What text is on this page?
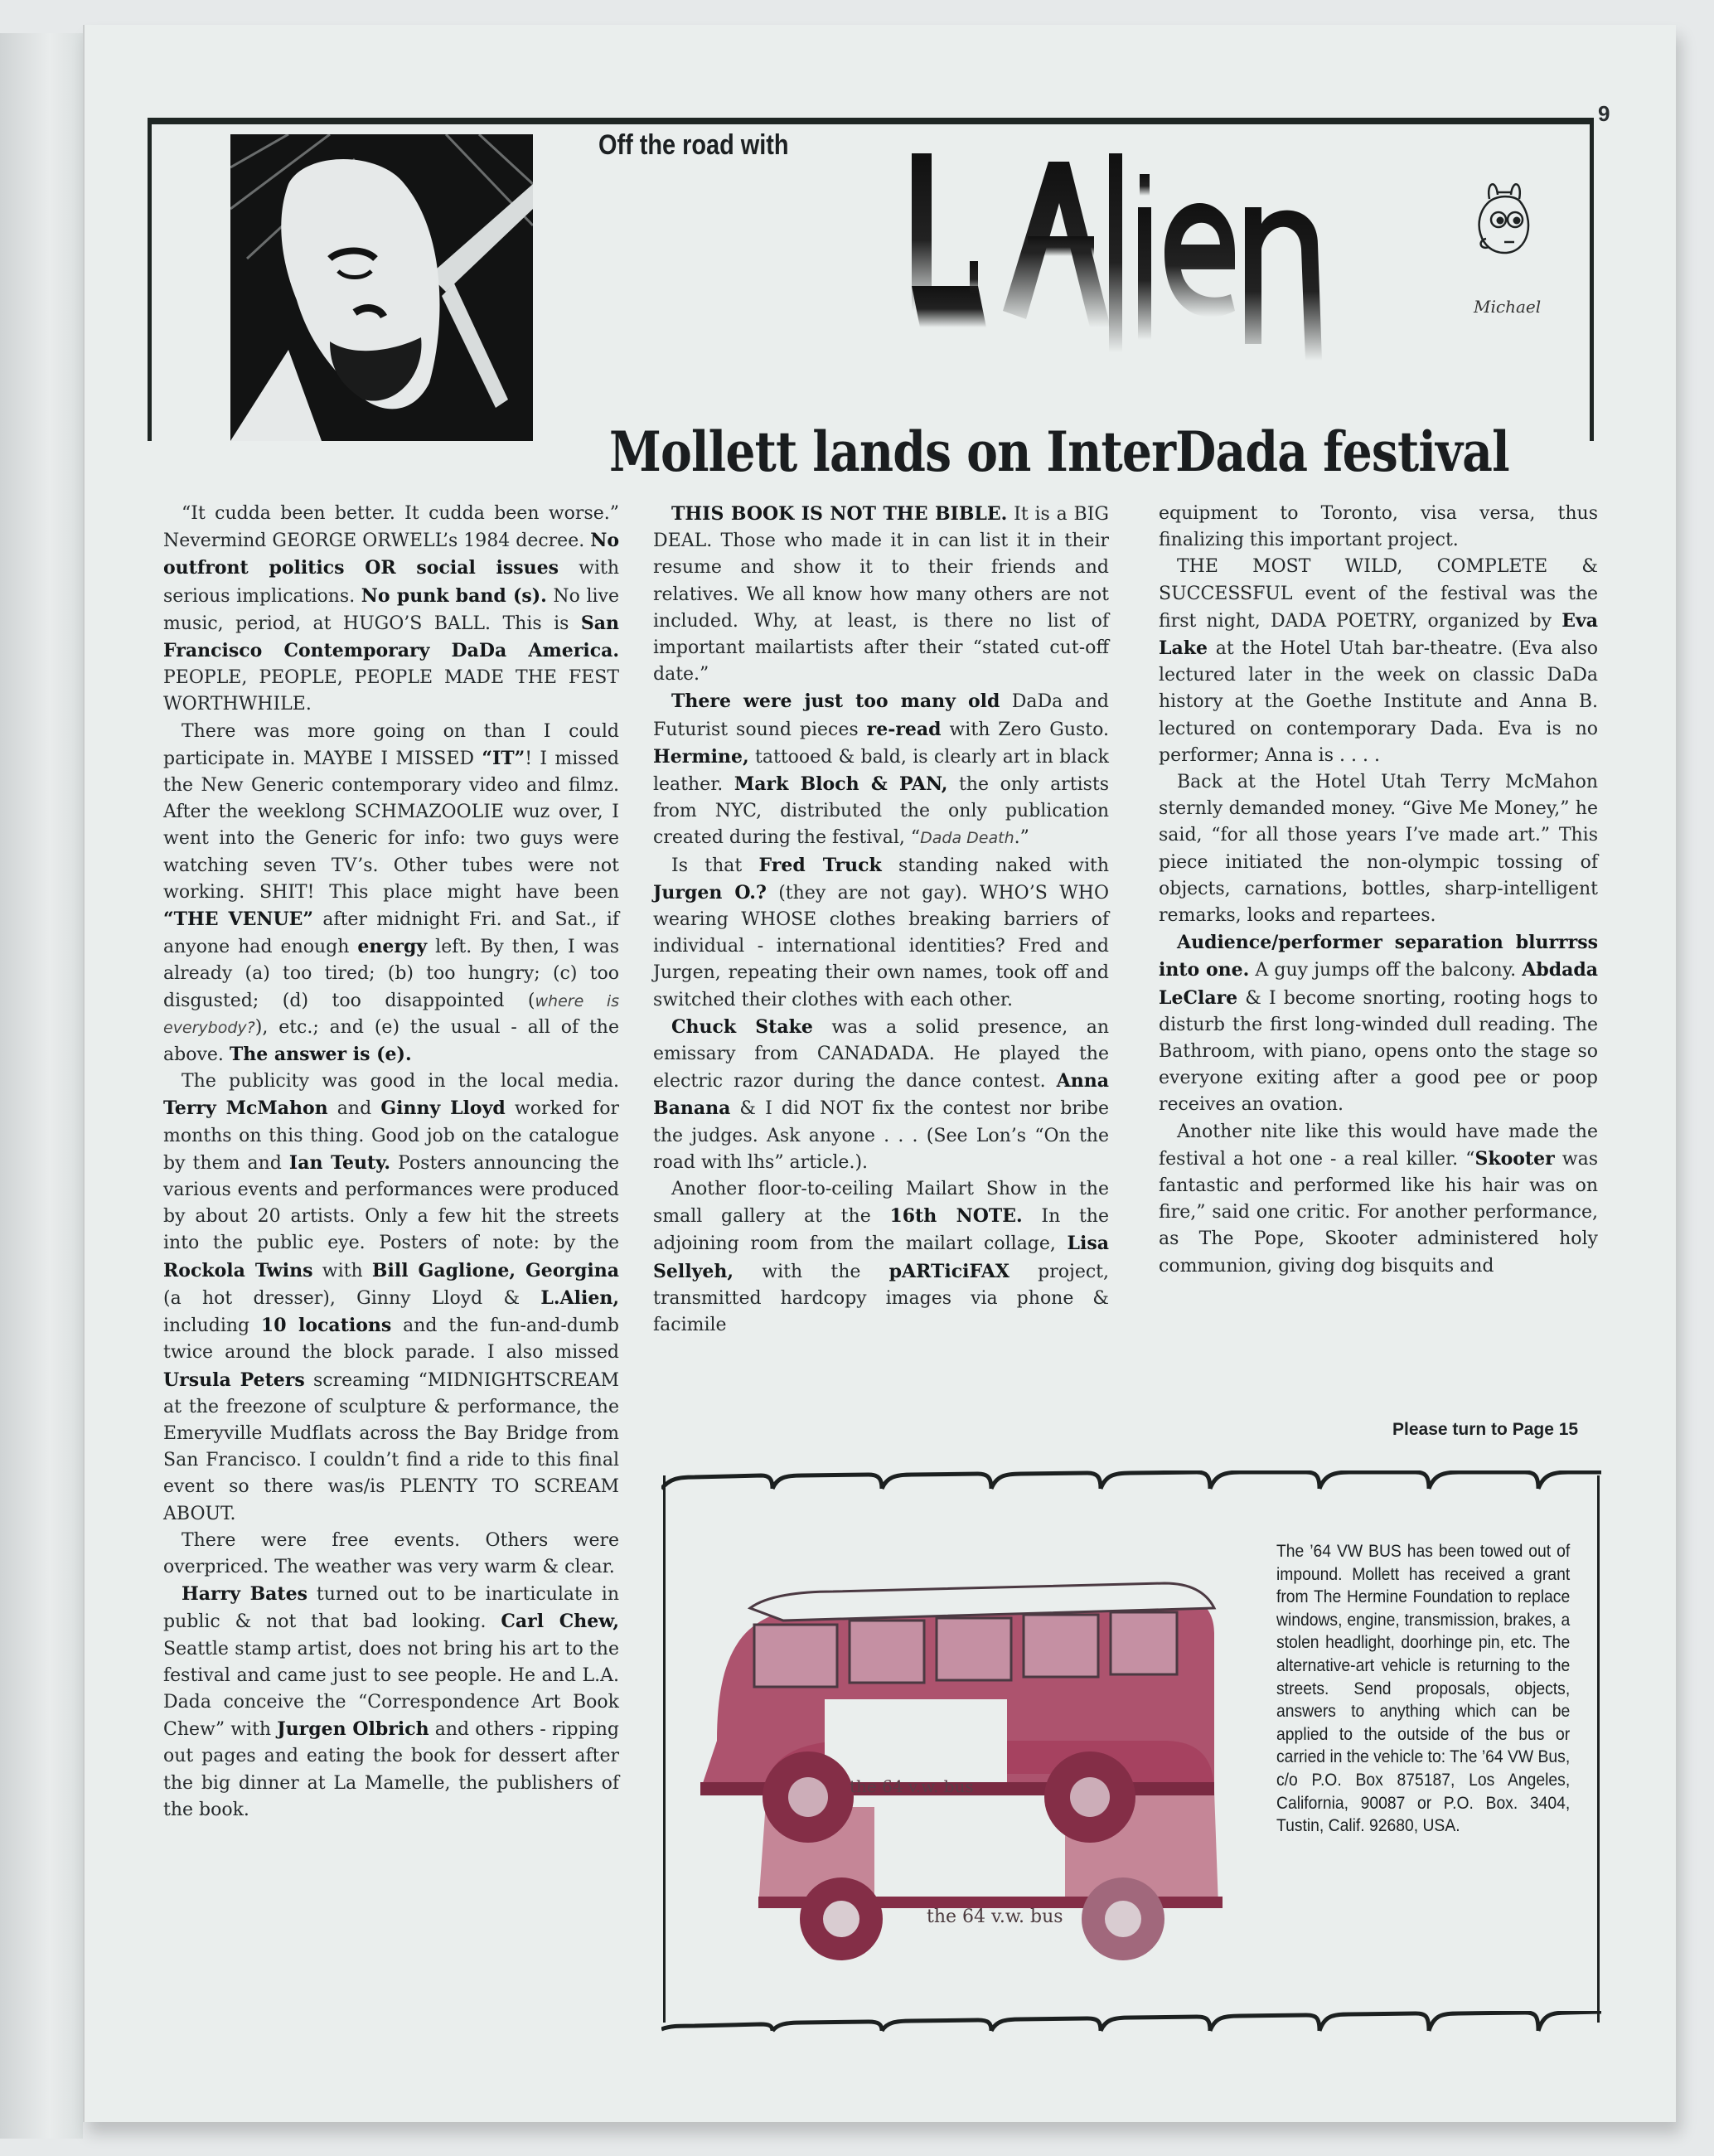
9
Off the road with
Michael
Mollett lands on InterDada festival

“It cudda been better. It cudda been worse.” Nevermind GEORGE ORWELL’s 1984 decree. No outfront politics OR social issues with serious implications. No punk band (s). No live music, period, at HUGO’S BALL. This is San Francisco Contemporary DaDa America. PEOPLE, PEOPLE, PEOPLE MADE THE FEST WORTHWHILE.

There was more going on than I could participate in. MAYBE I MISSED “IT”! I missed the New Generic contemporary video and filmz. After the weeklong SCHMAZOOLIE wuz over, I went into the Generic for info: two guys were watching seven TV’s. Other tubes were not working. SHIT! This place might have been “THE VENUE” after midnight Fri. and Sat., if anyone had enough energy left. By then, I was already (a) too tired; (b) too hungry; (c) too disgusted; (d) too disappointed (where is everybody?), etc.; and (e) the usual - all of the above. The answer is (e).

The publicity was good in the local media. Terry McMahon and Ginny Lloyd worked for months on this thing. Good job on the catalogue by them and Ian Teuty. Posters announcing the various events and performances were produced by about 20 artists. Only a few hit the streets into the public eye. Posters of note: by the Rockola Twins with Bill Gaglione, Georgina (a hot dresser), Ginny Lloyd & L.Alien, including 10 locations and the fun-and-dumb twice around the block parade. I also missed Ursula Peters screaming “MIDNIGHTSCREAM at the freezone of sculpture & performance, the Emeryville Mudflats across the Bay Bridge from San Francisco. I couldn’t find a ride to this final event so there was/is PLENTY TO SCREAM ABOUT.

There were free events. Others were overpriced. The weather was very warm & clear.

Harry Bates turned out to be inarticulate in public & not that bad looking. Carl Chew, Seattle stamp artist, does not bring his art to the festival and came just to see people. He and L.A. Dada conceive the “Correspondence Art Book Chew” with Jurgen Olbrich and others - ripping out pages and eating the book for dessert after the big dinner at La Mamelle, the publishers of the book.

THIS BOOK IS NOT THE BIBLE. It is a BIG DEAL. Those who made it in can list it in their resume and show it to their friends and relatives. We all know how many others are not included. Why, at least, is there no list of important mailartists after their “stated cut-off date.”

There were just too many old DaDa and Futurist sound pieces re-read with Zero Gusto. Hermine, tattooed & bald, is clearly art in black leather. Mark Bloch & PAN, the only artists from NYC, distributed the only publication created during the festival, “Dada Death.”

Is that Fred Truck standing naked with Jurgen O.? (they are not gay). WHO’S WHO wearing WHOSE clothes breaking barriers of individual - international identities? Fred and Jurgen, repeating their own names, took off and switched their clothes with each other.

Chuck Stake was a solid presence, an emissary from CANADADA. He played the electric razor during the dance contest. Anna Banana & I did NOT fix the contest nor bribe the judges. Ask anyone . . . (See Lon’s “On the road with lhs” article.).

Another floor-to-ceiling Mailart Show in the small gallery at the 16th NOTE. In the adjoining room from the mailart collage, Lisa Sellyeh, with the pARTiciFAX project, transmitted hardcopy images via phone & facimile

equipment to Toronto, visa versa, thus finalizing this important project.

THE MOST WILD, COMPLETE & SUCCESSFUL event of the festival was the first night, DADA POETRY, organized by Eva Lake at the Hotel Utah bar-theatre. (Eva also lectured later in the week on classic DaDa history at the Goethe Institute and Anna B. lectured on contemporary Dada. Eva is no performer; Anna is . . . .

Back at the Hotel Utah Terry McMahon sternly demanded money. “Give Me Money,” he said, “for all those years I’ve made art.” This piece initiated the non-olympic tossing of objects, carnations, bottles, sharp-intelligent remarks, looks and repartees.

Audience/performer separation blurrrss into one. A guy jumps off the balcony. Abdada LeClare & I become snorting, rooting hogs to disturb the first long-winded dull reading. The Bathroom, with piano, opens onto the stage so everyone exiting after a good pee or poop receives an ovation.

Another nite like this would have made the festival a hot one - a real killer. “Skooter was fantastic and performed like his hair was on fire,” said one critic. For another performance, as The Pope, Skooter administered holy communion, giving dog bisquits and

Please turn to Page 15
the 64 v.w. bus
the 64 v.w. bus
The ’64 VW BUS has been towed out of impound. Mollett has received a grant from The Hermine Foundation to replace windows, engine, transmission, brakes, a stolen headlight, doorhinge pin, etc. The alternative-art vehicle is returning to the streets. Send proposals, objects, answers to anything which can be applied to the outside of the bus or carried in the vehicle to: The ’64 VW Bus, c/o P.O. Box 875187, Los Angeles, California, 90087 or P.O. Box. 3404, Tustin, Calif. 92680, USA.
